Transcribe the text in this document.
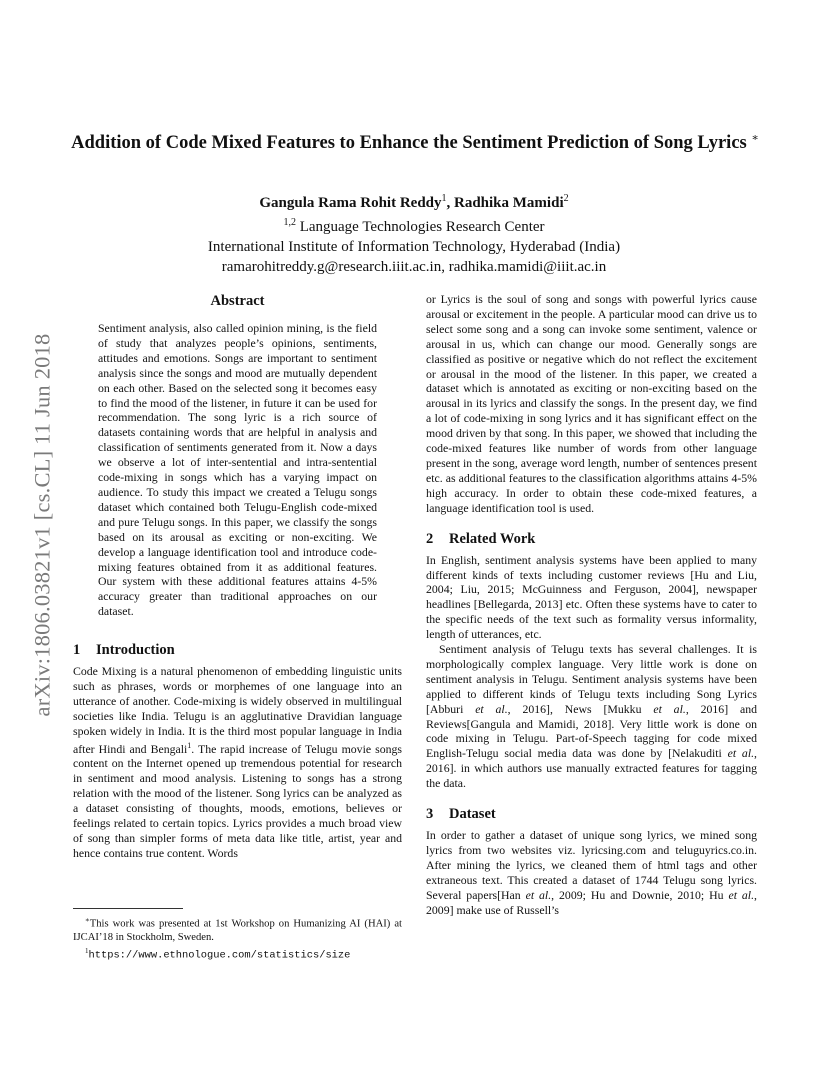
arXiv:1806.03821v1 [cs.CL] 11 Jun 2018
Addition of Code Mixed Features to Enhance the Sentiment Prediction of Song Lyrics ∗
Gangula Rama Rohit Reddy$^1$, Radhika Mamidi$^2$
$^{1,2}$ Language Technologies Research Center
International Institute of Information Technology, Hyderabad (India)
ramarohitreddy.g@research.iiit.ac.in, radhika.mamidi@iiit.ac.in
Abstract

Sentiment analysis, also called opinion mining, is the field of study that analyzes people’s opinions, sentiments, attitudes and emotions. Songs are important to sentiment analysis since the songs and mood are mutually dependent on each other. Based on the selected song it becomes easy to find the mood of the listener, in future it can be used for recommendation. The song lyric is a rich source of datasets containing words that are helpful in analysis and classification of sentiments generated from it. Now a days we observe a lot of inter-sentential and intra-sentential code-mixing in songs which has a varying impact on audience. To study this impact we created a Telugu songs dataset which contained both Telugu-English code-mixed and pure Telugu songs. In this paper, we classify the songs based on its arousal as exciting or non-exciting. We develop a language identification tool and introduce code-mixing features obtained from it as additional features. Our system with these additional features attains 4-5% accuracy greater than traditional approaches on our dataset.

1 Introduction

Code Mixing is a natural phenomenon of embedding linguistic units such as phrases, words or morphemes of one language into an utterance of another. Code-mixing is widely observed in multilingual societies like India. Telugu is an agglutinative Dravidian language spoken widely in India. It is the third most popular language in India after Hindi and Bengali$^1$. The rapid increase of Telugu movie songs content on the Internet opened up tremendous potential for research in sentiment and mood analysis. Listening to songs has a strong relation with the mood of the listener. Song lyrics can be analyzed as a dataset consisting of thoughts, moods, emotions, believes or feelings related to certain topics. Lyrics provides a much broad view of song than simpler forms of meta data like title, artist, year and hence contains true content. Words

or Lyrics is the soul of song and songs with powerful lyrics cause arousal or excitement in the people. A particular mood can drive us to select some song and a song can invoke some sentiment, valence or arousal in us, which can change our mood. Generally songs are classified as positive or negative which do not reflect the excitement or arousal in the mood of the listener. In this paper, we created a dataset which is annotated as exciting or non-exciting based on the arousal in its lyrics and classify the songs. In the present day, we find a lot of code-mixing in song lyrics and it has significant effect on the mood driven by that song. In this paper, we showed that including the code-mixed features like number of words from other language present in the song, average word length, number of sentences present etc. as additional features to the classification algorithms attains 4-5% high accuracy. In order to obtain these code-mixed features, a language identification tool is used.

2 Related Work

In English, sentiment analysis systems have been applied to many different kinds of texts including customer reviews [Hu and Liu, 2004; Liu, 2015; McGuinness and Ferguson, 2004], newspaper headlines [Bellegarda, 2013] etc. Often these systems have to cater to the specific needs of the text such as formality versus informality, length of utterances, etc.

Sentiment analysis of Telugu texts has several challenges. It is morphologically complex language. Very little work is done on sentiment analysis in Telugu. Sentiment analysis systems have been applied to different kinds of Telugu texts including Song Lyrics [Abburi et al., 2016], News [Mukku et al., 2016] and Reviews[Gangula and Mamidi, 2018]. Very little work is done on code mixing in Telugu. Part-of-Speech tagging for code mixed English-Telugu social media data was done by [Nelakuditi et al., 2016]. in which authors use manually extracted features for tagging the data.

3 Dataset

In order to gather a dataset of unique song lyrics, we mined song lyrics from two websites viz. lyricsing.com and teluguyrics.co.in. After mining the lyrics, we cleaned them of html tags and other extraneous text. This created a dataset of 1744 Telugu song lyrics. Several papers[Han et al., 2009; Hu and Downie, 2010; Hu et al., 2009] make use of Russell’s

∗This work was presented at 1st Workshop on Humanizing AI (HAI) at IJCAI’18 in Stockholm, Sweden.

$^1$https://www.ethnologue.com/statistics/size
